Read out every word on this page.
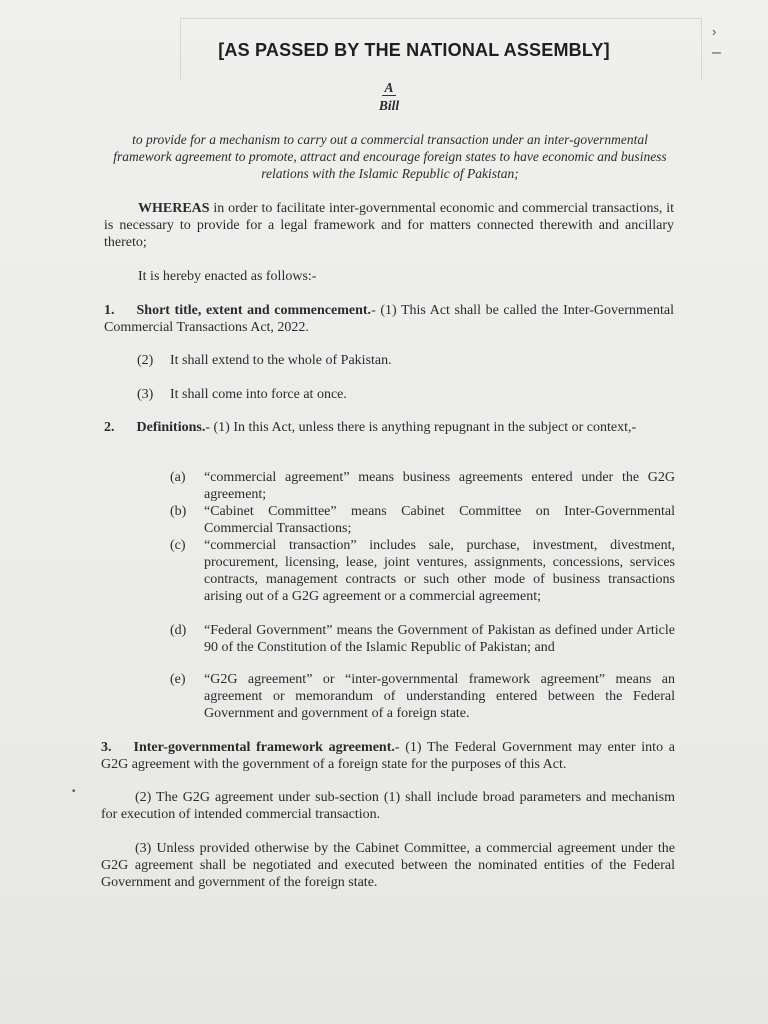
[AS PASSED BY THE NATIONAL ASSEMBLY]
A
Bill
to provide for a mechanism to carry out a commercial transaction under an inter-governmental framework agreement to promote, attract and encourage foreign states to have economic and business relations with the Islamic Republic of Pakistan;
WHEREAS in order to facilitate inter-governmental economic and commercial transactions, it is necessary to provide for a legal framework and for matters connected therewith and ancillary thereto;
It is hereby enacted as follows:-
1. Short title, extent and commencement.- (1) This Act shall be called the Inter-Governmental Commercial Transactions Act, 2022.
(2) It shall extend to the whole of Pakistan.
(3) It shall come into force at once.
2. Definitions.- (1) In this Act, unless there is anything repugnant in the subject or context,-
(a)	“commercial agreement” means business agreements entered under the G2G agreement;
(b)	“Cabinet Committee” means Cabinet Committee on Inter-Governmental Commercial Transactions;
(c)	“commercial transaction” includes sale, purchase, investment, divestment, procurement, licensing, lease, joint ventures, assignments, concessions, services contracts, management contracts or such other mode of business transactions arising out of a G2G agreement or a commercial agreement;
(d)	“Federal Government” means the Government of Pakistan as defined under Article 90 of the Constitution of the Islamic Republic of Pakistan; and
(e)	“G2G agreement” or “inter-governmental framework agreement” means an agreement or memorandum of understanding entered between the Federal Government and government of a foreign state.
3. Inter-governmental framework agreement.- (1) The Federal Government may enter into a G2G agreement with the government of a foreign state for the purposes of this Act.
(2) The G2G agreement under sub-section (1) shall include broad parameters and mechanism for execution of intended commercial transaction.
(3) Unless provided otherwise by the Cabinet Committee, a commercial agreement under the G2G agreement shall be negotiated and executed between the nominated entities of the Federal Government and government of the foreign state.
›
–
•
